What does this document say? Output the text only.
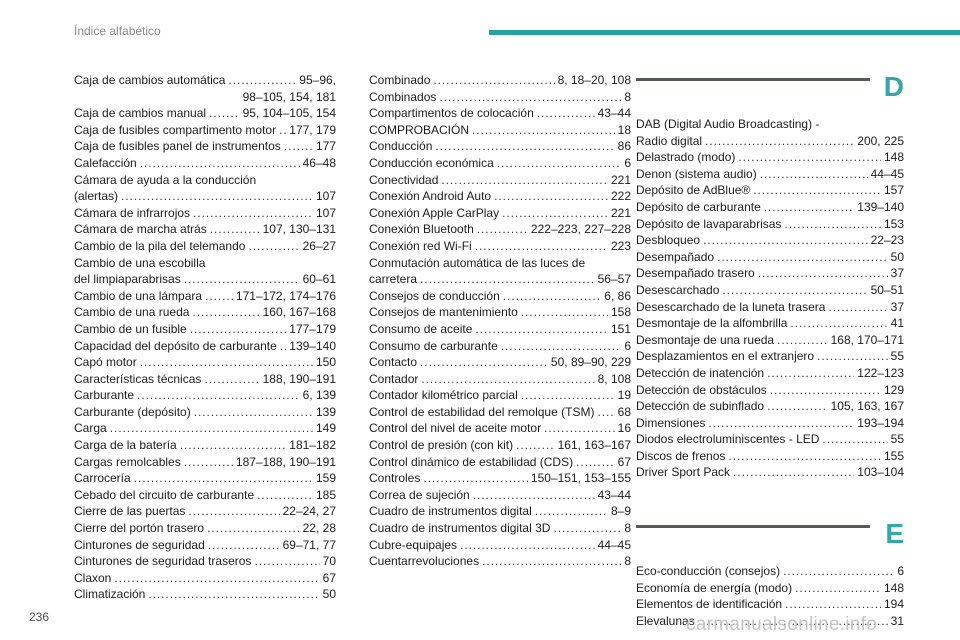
Índice alfabético
Caja de cambios automática . . .	95–96,
98–105, 154, 181
Caja de cambios manual . . .	95, 104–105, 154
Caja de fusibles compartimento motor . . . 177, 179
Caja de fusibles panel de instrumentos . . .	177
Calefacción . . .	46–48
Cámara de ayuda a la conducción
(alertas) . . .	107
Cámara de infrarrojos . . .	107
Cámara de marcha atrás . . .	107, 130–131
Cambio de la pila del telemando . . .	26–27
Cambio de una escobilla
del limpiaparabrisas . . .	60–61
Cambio de una lámpara . . .	171–172, 174–176
Cambio de una rueda . . .	160, 167–168
Cambio de un fusible . . .	177–179
Capacidad del depósito de carburante . . . 139–140
Capó motor . . .	150
Características técnicas . . .	188, 190–191
Carburante . . .	6, 139
Carburante (depósito) . . .	139
Carga . . .	149
Carga de la batería . . .	181–182
Cargas remolcables . . .	187–188, 190–191
Carrocería . . .	159
Cebado del circuito de carburante . . .	185
Cierre de las puertas . . .	22–24, 27
Cierre del portón trasero . . .	22, 28
Cinturones de seguridad . . .	69–71, 77
Cinturones de seguridad traseros . . .	70
Claxon . . .	67
Climatización . . .	50
Combinado . . .	8, 18–20, 108
Combinados . . .	8
Compartimentos de colocación . . .	43–44
COMPROBACIÓN . . .	18
Conducción . . .	86
Conducción económica . . .	6
Conectividad . . .	221
Conexión Android Auto . . .	222
Conexión Apple CarPlay . . .	221
Conexión Bluetooth . . .	222–223, 227–228
Conexión red Wi-Fi . . .	223
Conmutación automática de las luces de
carretera . . .	56–57
Consejos de conducción . . .	6, 86
Consejos de mantenimiento . . .	158
Consumo de aceite . . .	151
Consumo de carburante . . .	6
Contacto . . .	50, 89–90, 229
Contador . . .	8, 108
Contador kilométrico parcial . . .	19
Control de estabilidad del remolque (TSM) . . . 68
Control del nivel de aceite motor . . .	16
Control de presión (con kit) . . .	161, 163–167
Control dinámico de estabilidad (CDS) . . .	67
Controles . . .	150–151, 153–155
Correa de sujeción . . .	43–44
Cuadro de instrumentos digital . . .	8–9
Cuadro de instrumentos digital 3D . . .	8
Cubre-equipajes . . .	44–45
Cuentarrevoluciones . . .	8
D
DAB (Digital Audio Broadcasting) -
Radio digital . . .	200, 225
Delastrado (modo) . . .	148
Denon (sistema audio) . . .	44–45
Depósito de AdBlue® . . .	157
Depósito de carburante . . .	139–140
Depósito de lavaparabrisas . . .	153
Desbloqueo . . .	22–23
Desempañado . . .	50
Desempañado trasero . . .	37
Desescarchado . . .	50–51
Desescarchado de la luneta trasera . . .	37
Desmontaje de la alfombrilla . . .	41
Desmontaje de una rueda . . .	168, 170–171
Desplazamientos en el extranjero . . .	55
Detección de inatención . . .	122–123
Detección de obstáculos . . .	129
Detección de subinflado . . .	105, 163, 167
Dimensiones . . .	193–194
Diodos electroluminiscentes - LED . . .	55
Discos de frenos . . .	155
Driver Sport Pack . . .	103–104
E
Eco-conducción (consejos) . . .	6
Economía de energía (modo) . . .	148
Elementos de identificación . . .	194
Elevalunas . . .	31
236	carmanualsonline.info
